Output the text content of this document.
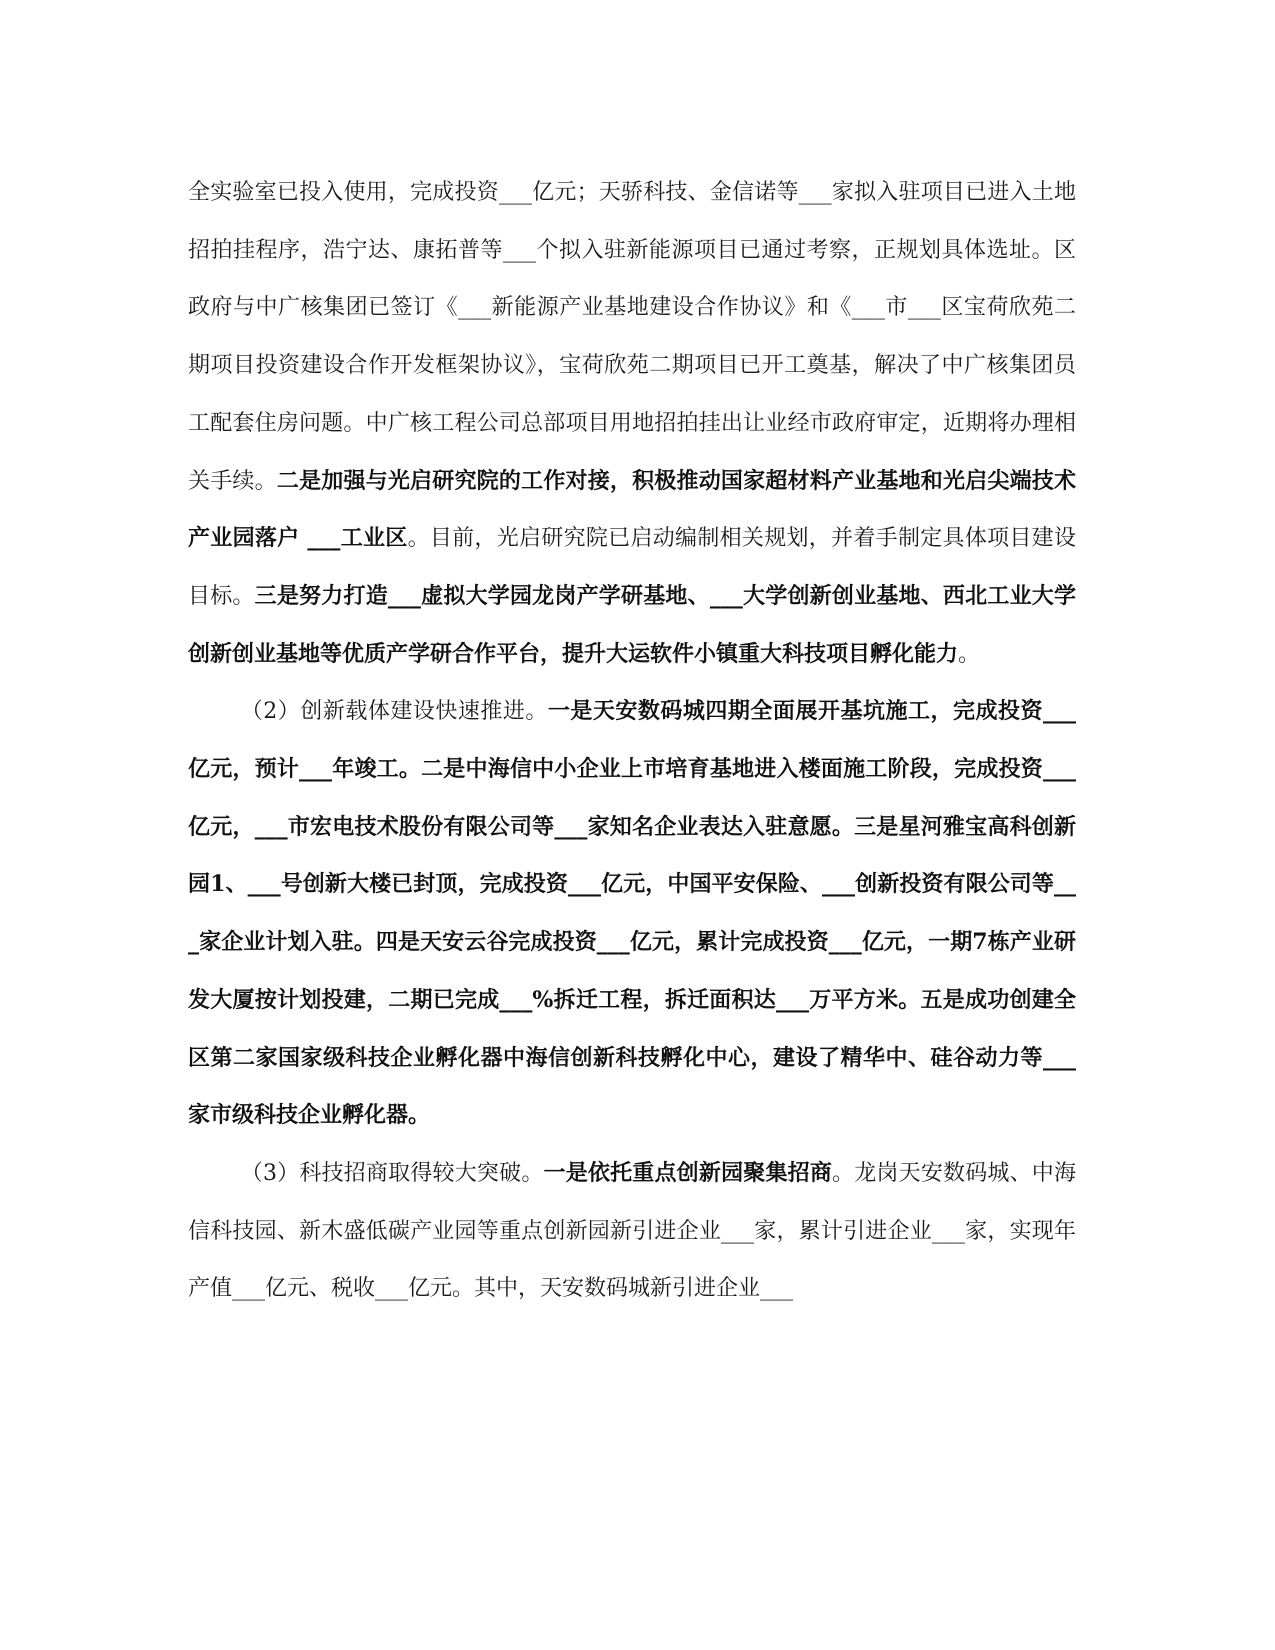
全实验室已投入使用，完成投资___亿元；天骄科技、金信诺等___家拟入驻项目已进入土地招拍挂程序，浩宁达、康拓普等___个拟入驻新能源项目已通过考察，正规划具体选址。区政府与中广核集团已签订《___新能源产业基地建设合作协议》和《___市___区宝荷欣苑二期项目投资建设合作开发框架协议》，宝荷欣苑二期项目已开工奠基，解决了中广核集团员工配套住房问题。中广核工程公司总部项目用地招拍挂出让业经市政府审定，近期将办理相关手续。二是加强与光启研究院的工作对接，积极推动国家超材料产业基地和光启尖端技术产业园落户 ___工业区。目前，光启研究院已启动编制相关规划，并着手制定具体项目建设目标。三是努力打造___虚拟大学园龙岗产学研基地、___大学创新创业基地、西北工业大学创新创业基地等优质产学研合作平台，提升大运软件小镇重大科技项目孵化能力。

（2）创新载体建设快速推进。一是天安数码城四期全面展开基坑施工，完成投资___亿元，预计___年竣工。二是中海信中小企业上市培育基地进入楼面施工阶段，完成投资___亿元，___市宏电技术股份有限公司等___家知名企业表达入驻意愿。三是星河雅宝高科创新园1、___号创新大楼已封顶，完成投资___亿元，中国平安保险、___创新投资有限公司等___家企业计划入驻。四是天安云谷完成投资___亿元，累计完成投资___亿元，一期7栋产业研发大厦按计划投建，二期已完成___%拆迁工程，拆迁面积达___万平方米。五是成功创建全区第二家国家级科技企业孵化器中海信创新科技孵化中心，建设了精华中、硅谷动力等___家市级科技企业孵化器。

（3）科技招商取得较大突破。一是依托重点创新园聚集招商。龙岗天安数码城、中海信科技园、新木盛低碳产业园等重点创新园新引进企业___家，累计引进企业___家，实现年产值___亿元、税收___亿元。其中，天安数码城新引进企业___
